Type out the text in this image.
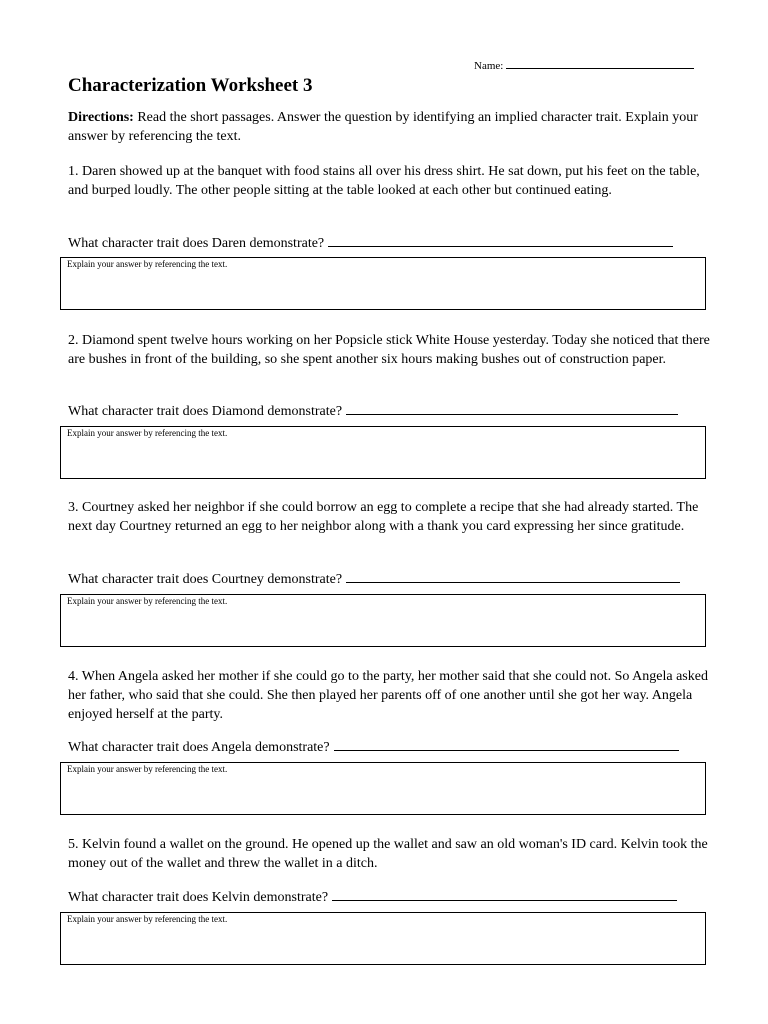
Name:
Characterization Worksheet 3
Directions: Read the short passages. Answer the question by identifying an implied character trait. Explain your answer by referencing the text.

1. Daren showed up at the banquet with food stains all over his dress shirt. He sat down, put his feet on the table, and burped loudly. The other people sitting at the table looked at each other but continued eating.

What character trait does Daren demonstrate?
Explain your answer by referencing the text.

2. Diamond spent twelve hours working on her Popsicle stick White House yesterday. Today she noticed that there are bushes in front of the building, so she spent another six hours making bushes out of construction paper.

What character trait does Diamond demonstrate?
Explain your answer by referencing the text.

3. Courtney asked her neighbor if she could borrow an egg to complete a recipe that she had already started. The next day Courtney returned an egg to her neighbor along with a thank you card expressing her since gratitude.

What character trait does Courtney demonstrate?
Explain your answer by referencing the text.

4. When Angela asked her mother if she could go to the party, her mother said that she could not. So Angela asked her father, who said that she could. She then played her parents off of one another until she got her way. Angela enjoyed herself at the party.

What character trait does Angela demonstrate?
Explain your answer by referencing the text.

5. Kelvin found a wallet on the ground. He opened up the wallet and saw an old woman's ID card. Kelvin took the money out of the wallet and threw the wallet in a ditch.

What character trait does Kelvin demonstrate?
Explain your answer by referencing the text.
